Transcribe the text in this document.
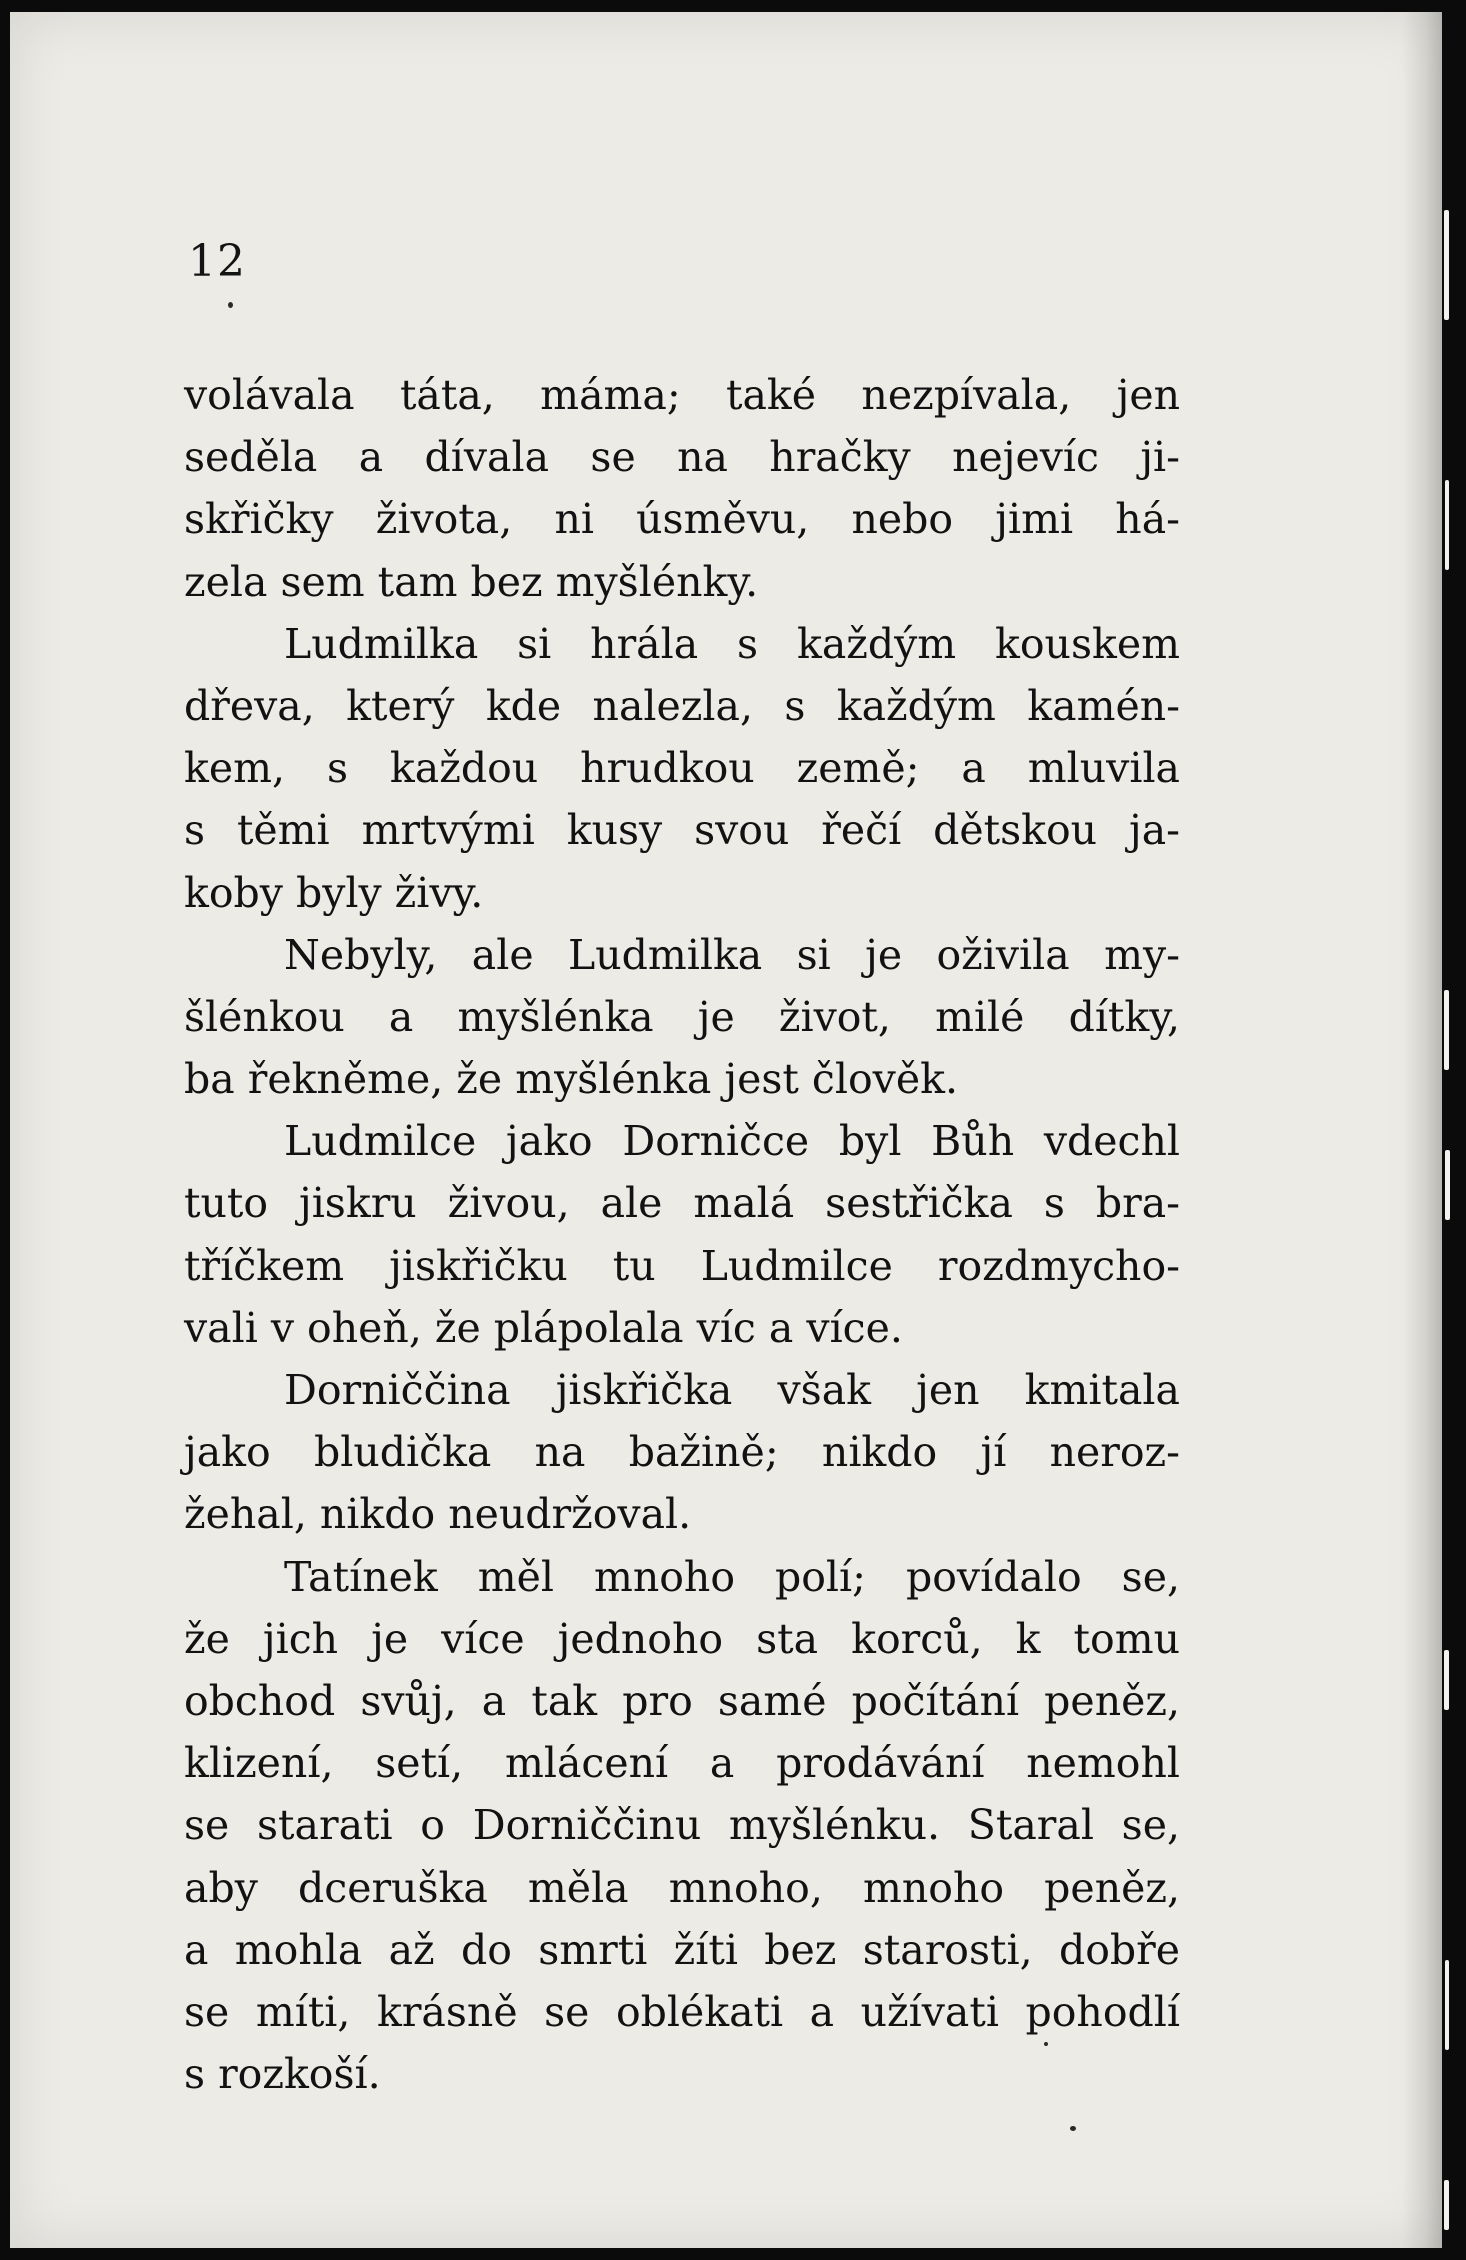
12
volávala táta, máma; také nezpívala, jen
seděla a dívala se na hračky nejevíc ji-
skřičky života, ni úsměvu, nebo jimi há-
zela sem tam bez myšlénky.
Ludmilka si hrála s každým kouskem
dřeva, který kde nalezla, s každým kamén-
kem, s každou hrudkou země; a mluvila
s těmi mrtvými kusy svou řečí dětskou ja-
koby byly živy.
Nebyly, ale Ludmilka si je oživila my-
šlénkou a myšlénka je život, milé dítky,
ba řekněme, že myšlénka jest člověk.
Ludmilce jako Dorničce byl Bůh vdechl
tuto jiskru živou, ale malá sestřička s bra-
tříčkem jiskřičku tu Ludmilce rozdmycho-
vali v oheň, že plápolala víc a více.
Dorniččina jiskřička však jen kmitala
jako bludička na bažině; nikdo jí neroz-
žehal, nikdo neudržoval.
Tatínek měl mnoho polí; povídalo se,
že jich je více jednoho sta korců, k tomu
obchod svůj, a tak pro samé počítání peněz,
klizení, setí, mlácení a prodávání nemohl
se starati o Dorniččinu myšlénku. Staral se,
aby dceruška měla mnoho, mnoho peněz,
a mohla až do smrti žíti bez starosti, dobře
se míti, krásně se oblékati a užívati pohodlí
s rozkoší.
